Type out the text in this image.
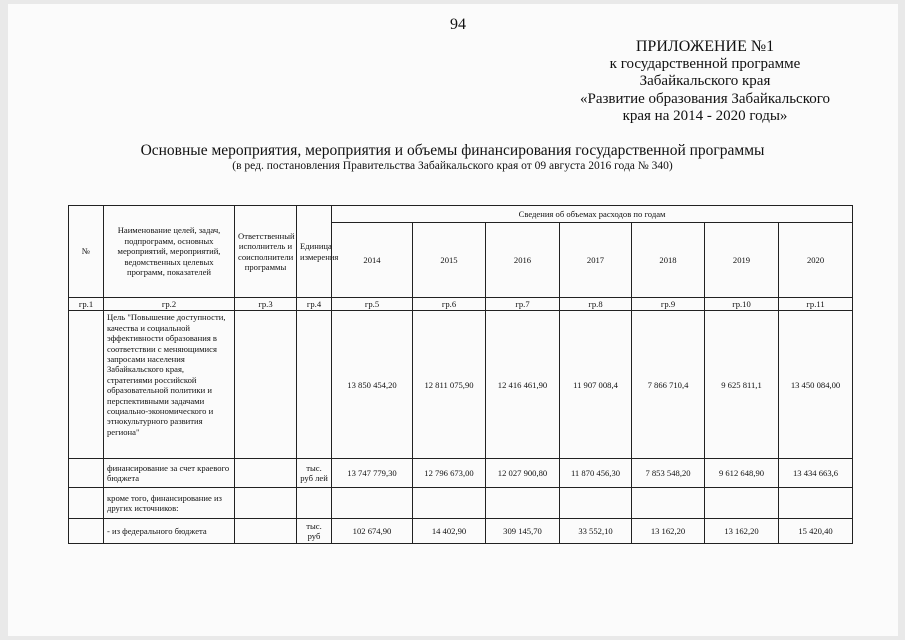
94
ПРИЛОЖЕНИЕ №1
к государственной программе
Забайкальского края
«Развитие образования Забайкальского
края на 2014 - 2020 годы»
Основные мероприятия, мероприятия и объемы финансирования государственной программы
(в ред. постановления Правительства Забайкальского края от 09 августа 2016 года № 340)
№	Наименование целей, задач, подпрограмм, основных мероприятий, мероприятий, ведомственных целевых программ, показателей	Ответственный исполнитель и соисполнители программы	Единица измерения	Сведения об объемах расходов по годам						
				2014	2015	2016	2017	2018	2019	2020
гр.1	гр.2	гр.3	гр.4	гр.5	гр.6	гр.7	гр.8	гр.9	гр.10	гр.11
	Цель "Повышение доступности, качества и социальной эффективности образования в соответствии с меняющимися запросами населения Забайкальского края, стратегиями российской образовательной политики и перспективными задачами социально-экономического и этнокультурного развития региона"			13 850 454,20	12 811 075,90	12 416 461,90	11 907 008,4	7 866 710,4	9 625 811,1	13 450 084,00
	финансирование за счет краевого бюджета		тыс. руб лей	13 747 779,30	12 796 673,00	12 027 900,80	11 870 456,30	7 853 548,20	9 612 648,90	13 434 663,6
	кроме того, финансирование из других источников:									
	- из федерального бюджета		тыс. руб	102 674,90	14 402,90	309 145,70	33 552,10	13 162,20	13 162,20	15 420,40
